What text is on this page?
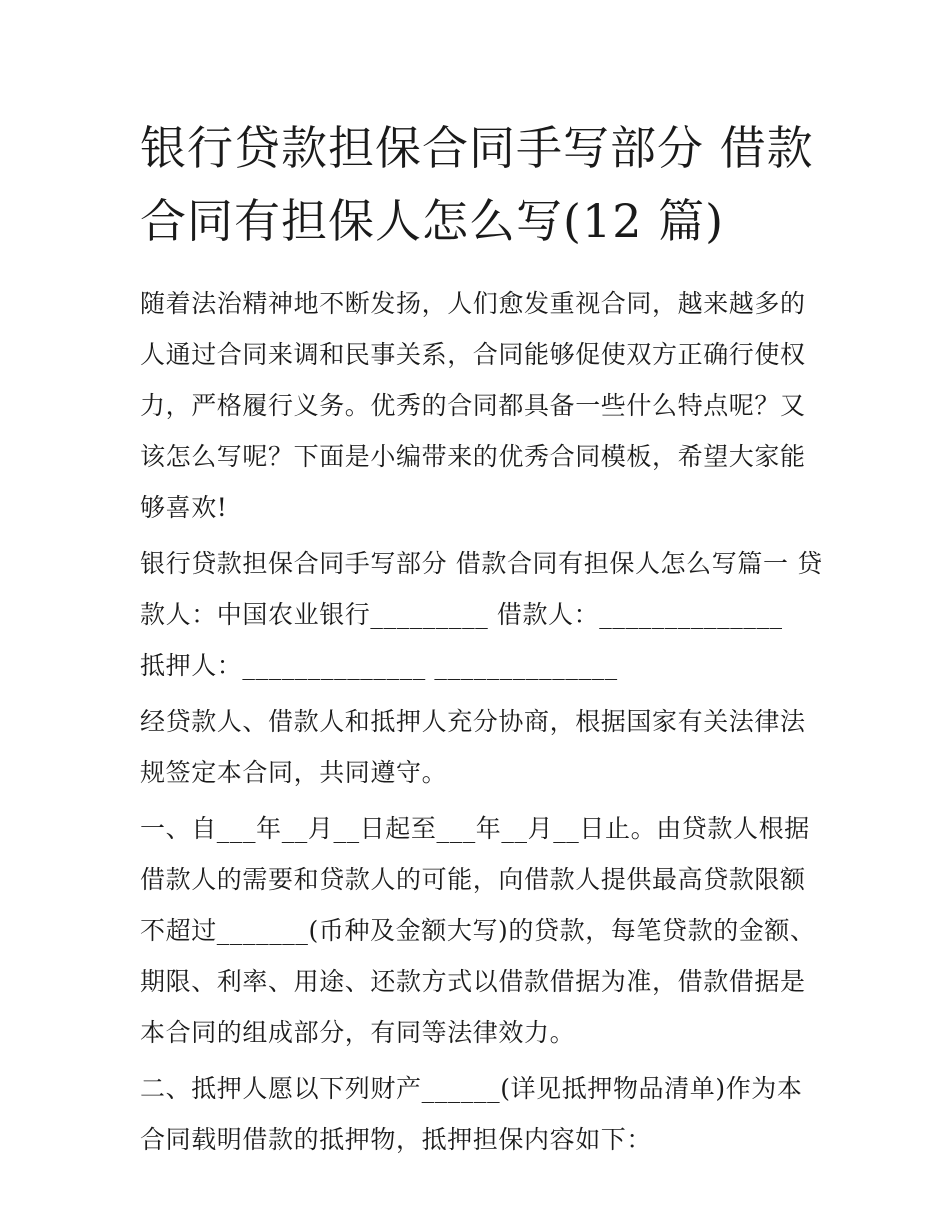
银行贷款担保合同手写部分 借款合同有担保人怎么写(12 篇)

随着法治精神地不断发扬，人们愈发重视合同，越来越多的人通过合同来调和民事关系，合同能够促使双方正确行使权力，严格履行义务。优秀的合同都具备一些什么特点呢？又该怎么写呢？下面是小编带来的优秀合同模板，希望大家能够喜欢!

银行贷款担保合同手写部分 借款合同有担保人怎么写篇一 贷

款人：中国农业银行_________ 借款人：______________

抵押人：______________ ______________

经贷款人、借款人和抵押人充分协商，根据国家有关法律法规签定本合同，共同遵守。

一、自___年__月__日起至___年__月__日止。由贷款人根据借款人的需要和贷款人的可能，向借款人提供最高贷款限额不超过_______(币种及金额大写)的贷款，每笔贷款的金额、期限、利率、用途、还款方式以借款借据为准，借款借据是本合同的组成部分，有同等法律效力。

二、抵押人愿以下列财产______(详见抵押物品清单)作为本合同载明借款的抵押物，抵押担保内容如下：
